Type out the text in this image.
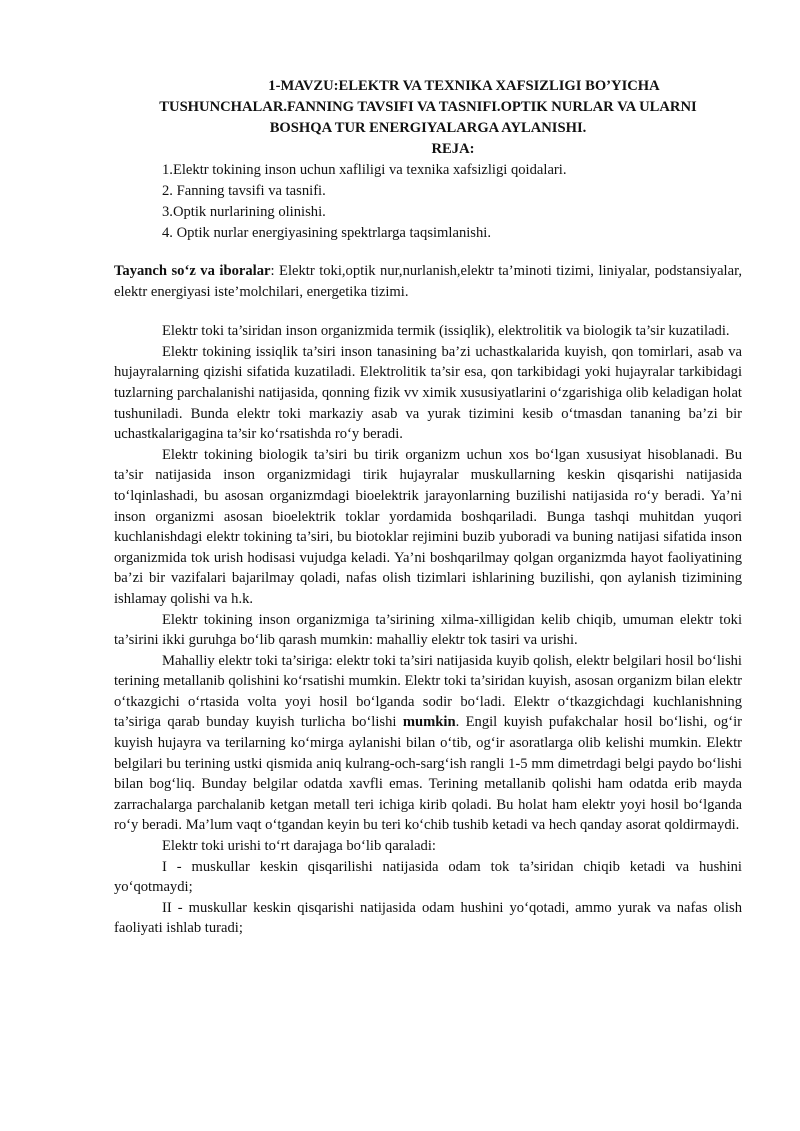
1-MAVZU:ELEKTR VA TEXNIKA XAFSIZLIGI BO’YICHA
TUSHUNCHALAR.FANNING TAVSIFI VA TASNIFI.OPTIK NURLAR VA ULARNI
BOSHQA TUR ENERGIYALARGA AYLANISHI.

REJA:

1.Elektr tokining inson uchun xafliligi va texnika xafsizligi qoidalari.
2. Fanning tavsifi va tasnifi.
3.Optik nurlarining olinishi.
4. Optik nurlar energiyasining spektrlarga taqsimlanishi.

Tayanch so‘z va iboralar: Elektr toki,optik nur,nurlanish,elektr ta’minoti tizimi, liniyalar, podstansiyalar, elektr energiyasi iste’molchilari, energetika tizimi.

Elektr toki ta’siridan inson organizmida termik (issiqlik), elektrolitik va biologik ta’sir kuzatiladi.

Elektr tokining issiqlik ta’siri inson tanasining ba’zi uchastkalarida kuyish, qon tomirlari, asab va hujayralarning qizishi sifatida kuzatiladi. Elektrolitik ta’sir esa, qon tarkibidagi yoki hujayralar tarkibidagi tuzlarning parchalanishi natijasida, qonning fizik vv ximik xususiyatlarini o‘zgarishiga olib keladigan holat tushuniladi. Bunda elektr toki markaziy asab va yurak tizimini kesib o‘tmasdan tananing ba’zi bir uchastkalarigagina ta’sir ko‘rsatishda ro‘y beradi.

Elektr tokining biologik ta’siri bu tirik organizm uchun xos bo‘lgan xususiyat hisoblanadi. Bu ta’sir natijasida inson organizmidagi tirik hujayralar muskullarning keskin qisqarishi natijasida to‘lqinlashadi, bu asosan organizmdagi bioelektrik jarayonlarning buzilishi natijasida ro‘y beradi. Ya’ni inson organizmi asosan bioelektrik toklar yordamida boshqariladi. Bunga tashqi muhitdan yuqori kuchlanishdagi elektr tokining ta’siri, bu biotoklar rejimini buzib yuboradi va buning natijasi sifatida inson organizmida tok urish hodisasi vujudga keladi. Ya’ni boshqarilmay qolgan organizmda hayot faoliyatining ba’zi bir vazifalari bajarilmay qoladi, nafas olish tizimlari ishlarining buzilishi, qon aylanish tizimining ishlamay qolishi va h.k.

Elektr tokining inson organizmiga ta’sirining xilma-xilligidan kelib chiqib, umuman elektr toki ta’sirini ikki guruhga bo‘lib qarash mumkin: mahalliy elektr tok tasiri va urishi.

Mahalliy elektr toki ta’siriga: elektr toki ta’siri natijasida kuyib qolish, elektr belgilari hosil bo‘lishi terining metallanib qolishini ko‘rsatishi mumkin. Elektr toki ta’siridan kuyish, asosan organizm bilan elektr o‘tkazgichi o‘rtasida volta yoyi hosil bo‘lganda sodir bo‘ladi. Elektr o‘tkazgichdagi kuchlanishning ta’siriga qarab bunday kuyish turlicha bo‘lishi mumkin. Engil kuyish pufakchalar hosil bo‘lishi, og‘ir kuyish hujayra va terilarning ko‘mirga aylanishi bilan o‘tib, og‘ir asoratlarga olib kelishi mumkin. Elektr belgilari bu terining ustki qismida aniq kulrang-och-sarg‘ish rangli 1-5 mm dimetrdagi belgi paydo bo‘lishi bilan bog‘liq. Bunday belgilar odatda xavfli emas. Terining metallanib qolishi ham odatda erib mayda zarrachalarga parchalanib ketgan metall teri ichiga kirib qoladi. Bu holat ham elektr yoyi hosil bo‘lganda ro‘y beradi. Ma’lum vaqt o‘tgandan keyin bu teri ko‘chib tushib ketadi va hech qanday asorat qoldirmaydi.

Elektr toki urishi to‘rt darajaga bo‘lib qaraladi:

I - muskullar keskin qisqarilishi natijasida odam tok ta’siridan chiqib ketadi va hushini yo‘qotmaydi;

II - muskullar keskin qisqarishi natijasida odam hushini yo‘qotadi, ammo yurak va nafas olish faoliyati ishlab turadi;
